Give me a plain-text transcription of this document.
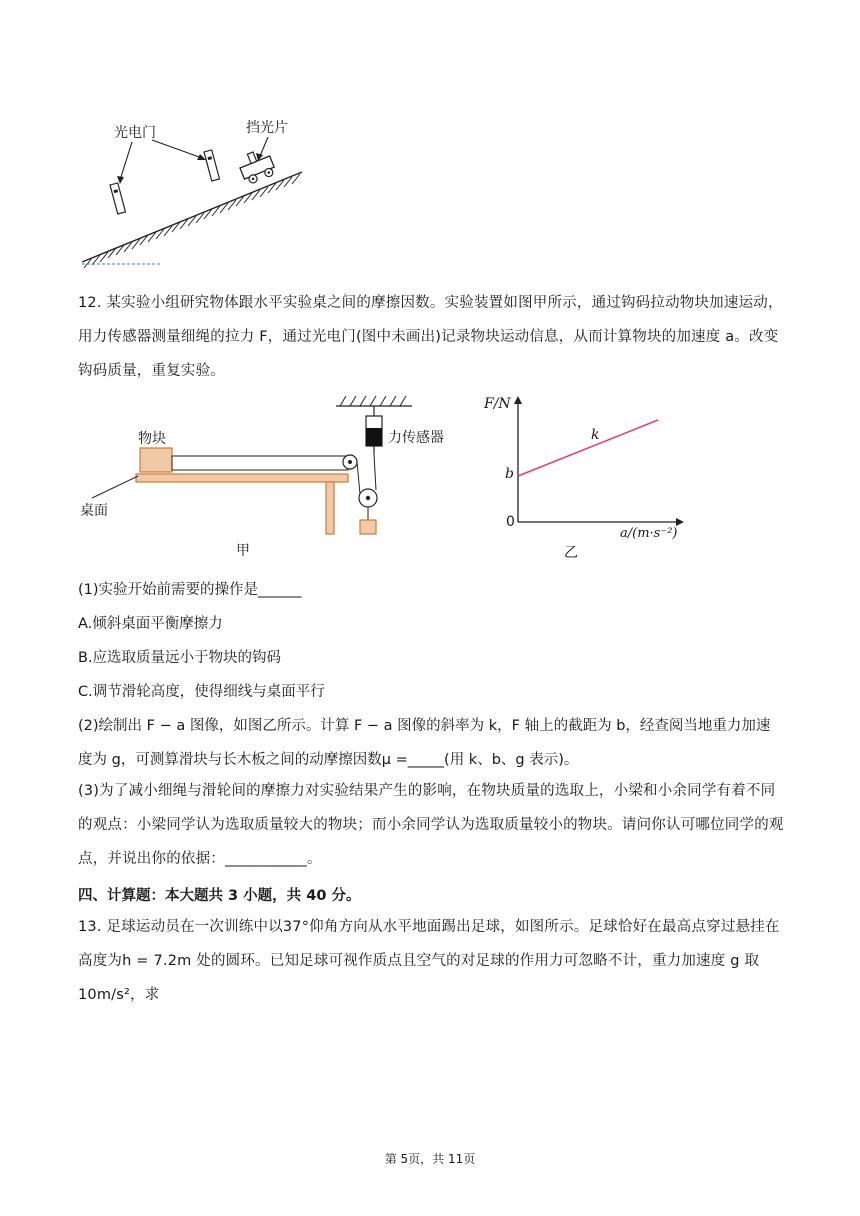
光电门	挡光片
12. 某实验小组研究物体跟水平实验桌之间的摩擦因数。实验装置如图甲所示，通过钩码拉动物块加速运动，用力传感器测量细绳的拉力 F，通过光电门(图中未画出)记录物块运动信息，从而计算物块的加速度 a。改变钩码质量，重复实验。
物块
桌面
力传感器
甲
F/N
k
b
0
a/(m·s⁻²)
乙
(1)实验开始前需要的操作是______
A.倾斜桌面平衡摩擦力
B.应选取质量远小于物块的钩码
C.调节滑轮高度，使得细线与桌面平行
(2)绘制出 F − a 图像，如图乙所示。计算 F − a 图像的斜率为 k，F 轴上的截距为 b，经查阅当地重力加速
度为 g，可测算滑块与长木板之间的动摩擦因数μ =_____(用 k、b、g 表示)。
(3)为了减小细绳与滑轮间的摩擦力对实验结果产生的影响，在物块质量的选取上，小梁和小余同学有着不同的观点：小梁同学认为选取质量较大的物块；而小余同学认为选取质量较小的物块。请问你认可哪位同学的观点，并说出你的依据：___________。
四、计算题：本大题共 3 小题，共 40 分。
13. 足球运动员在一次训练中以37°仰角方向从水平地面踢出足球，如图所示。足球恰好在最高点穿过悬挂在高度为h = 7.2m 处的圆环。已知足球可视作质点且空气的对足球的作用力可忽略不计，重力加速度 g 取 10m/s²，求
第 5页，共 11页
